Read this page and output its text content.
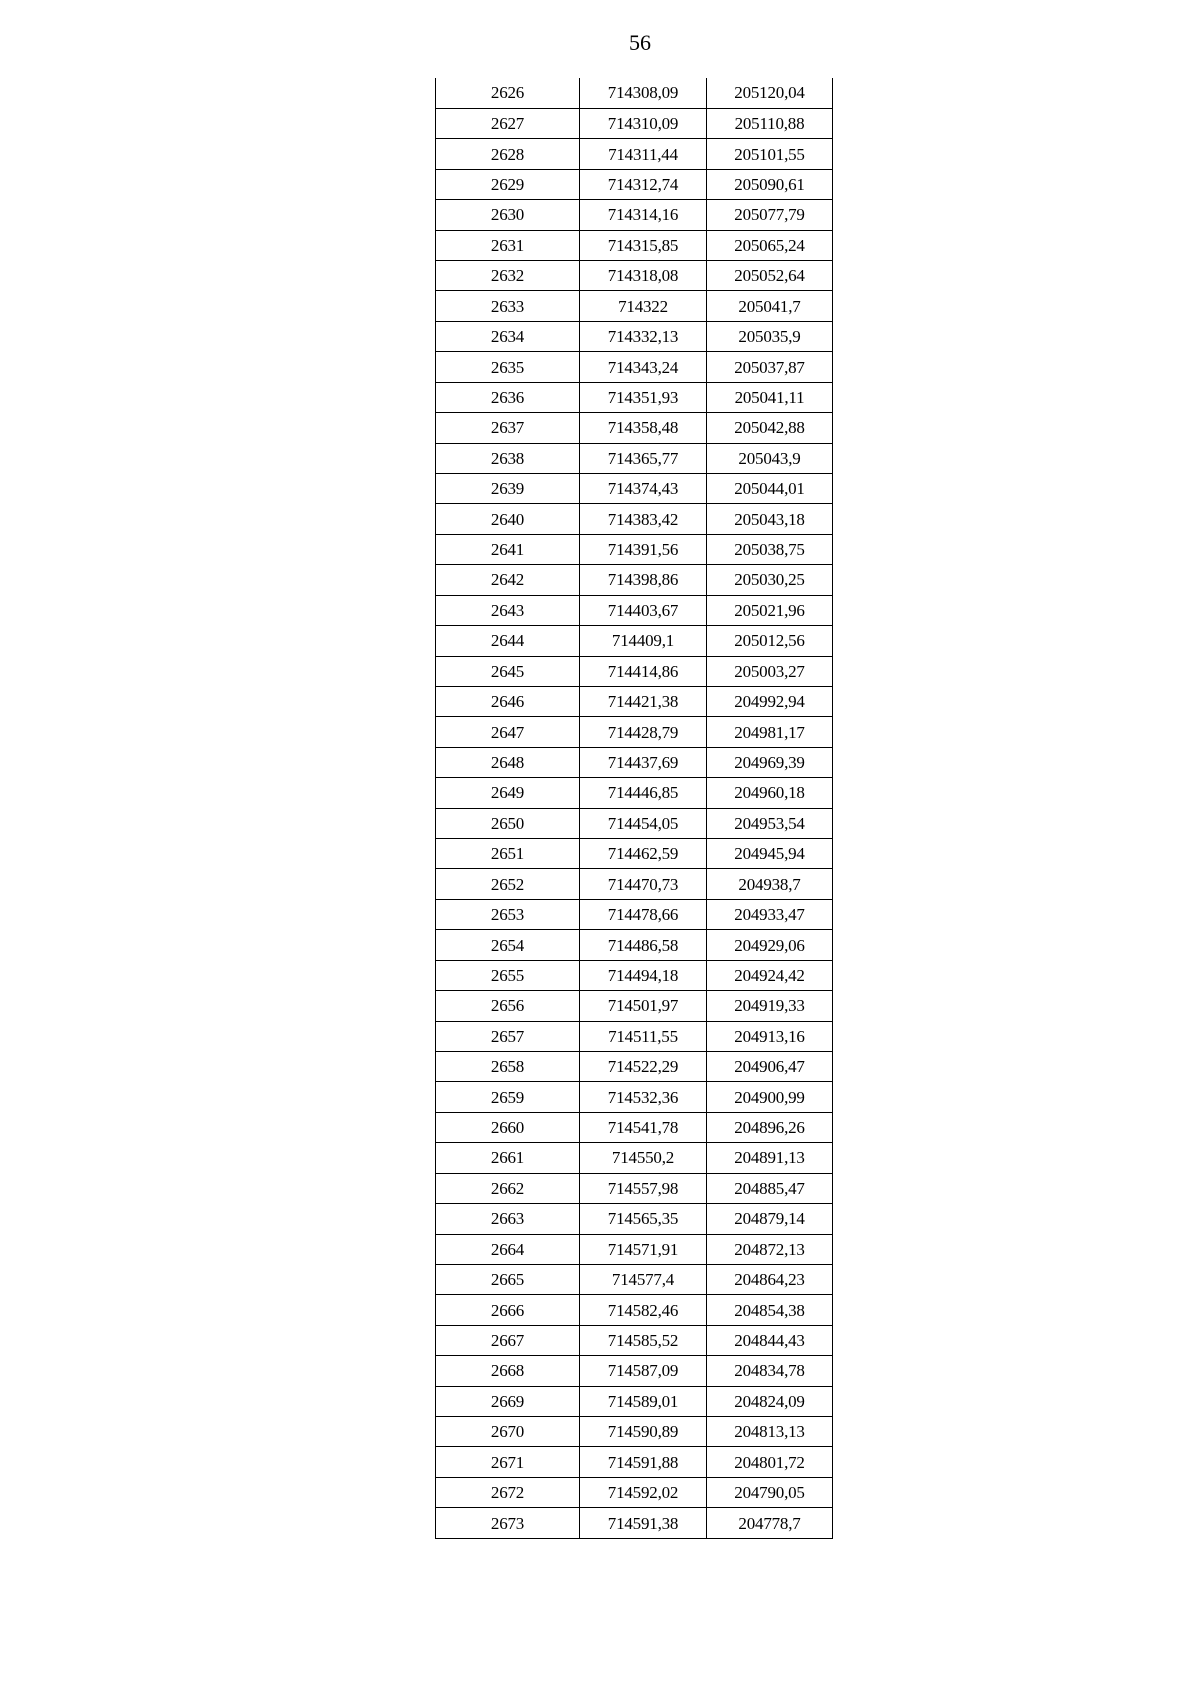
56
2626	714308,09	205120,04
2627	714310,09	205110,88
2628	714311,44	205101,55
2629	714312,74	205090,61
2630	714314,16	205077,79
2631	714315,85	205065,24
2632	714318,08	205052,64
2633	714322	205041,7
2634	714332,13	205035,9
2635	714343,24	205037,87
2636	714351,93	205041,11
2637	714358,48	205042,88
2638	714365,77	205043,9
2639	714374,43	205044,01
2640	714383,42	205043,18
2641	714391,56	205038,75
2642	714398,86	205030,25
2643	714403,67	205021,96
2644	714409,1	205012,56
2645	714414,86	205003,27
2646	714421,38	204992,94
2647	714428,79	204981,17
2648	714437,69	204969,39
2649	714446,85	204960,18
2650	714454,05	204953,54
2651	714462,59	204945,94
2652	714470,73	204938,7
2653	714478,66	204933,47
2654	714486,58	204929,06
2655	714494,18	204924,42
2656	714501,97	204919,33
2657	714511,55	204913,16
2658	714522,29	204906,47
2659	714532,36	204900,99
2660	714541,78	204896,26
2661	714550,2	204891,13
2662	714557,98	204885,47
2663	714565,35	204879,14
2664	714571,91	204872,13
2665	714577,4	204864,23
2666	714582,46	204854,38
2667	714585,52	204844,43
2668	714587,09	204834,78
2669	714589,01	204824,09
2670	714590,89	204813,13
2671	714591,88	204801,72
2672	714592,02	204790,05
2673	714591,38	204778,7
